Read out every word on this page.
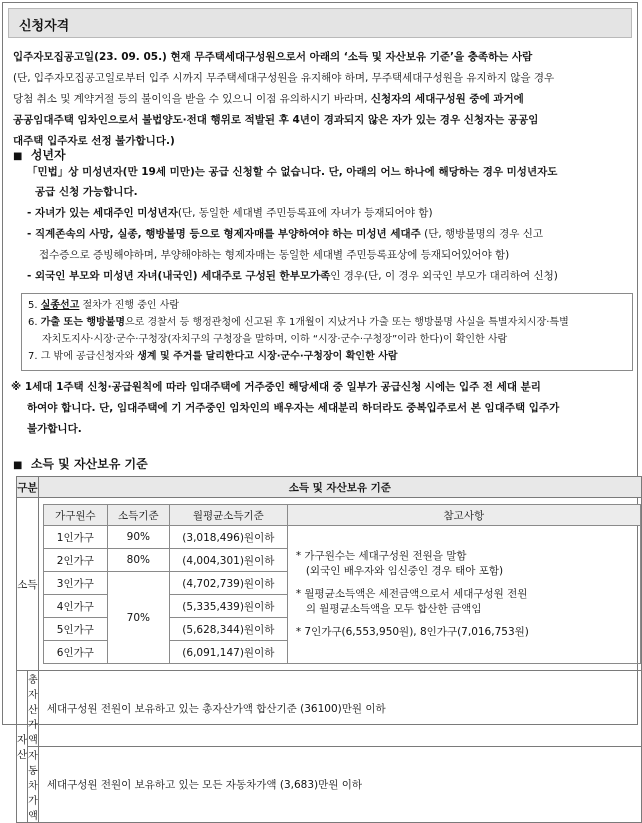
신청자격
입주자모집공고일(23. 09. 05.) 현재 무주택세대구성원으로서 아래의 ‘소득 및 자산보유 기준’을 충족하는 사람
(단, 입주자모집공고일로부터 입주 시까지 무주택세대구성원을 유지해야 하며, 무주택세대구성원을 유지하지 않을 경우
당첨 취소 및 계약거절 등의 불이익을 받을 수 있으니 이점 유의하시기 바라며, 신청자의 세대구성원 중에 과거에
공공임대주택 임차인으로서 불법양도·전대 행위로 적발된 후 4년이 경과되지 않은 자가 있는 경우 신청자는 공공임
대주택 입주자로 선정 불가합니다.)
■ 성년자
「민법」상 미성년자(만 19세 미만)는 공급 신청할 수 없습니다. 단, 아래의 어느 하나에 해당하는 경우 미성년자도
공급 신청 가능합니다.
- 자녀가 있는 세대주인 미성년자(단, 동일한 세대별 주민등록표에 자녀가 등재되어야 함)
- 직계존속의 사망, 실종, 행방불명 등으로 형제자매를 부양하여야 하는 미성년 세대주 (단, 행방불명의 경우 신고
접수증으로 증빙해야하며, 부양해야하는 형제자매는 동일한 세대별 주민등록표상에 등재되어있어야 함)
- 외국인 부모와 미성년 자녀(내국인) 세대주로 구성된 한부모가족인 경우(단, 이 경우 외국인 부모가 대리하여 신청)
5. 실종선고 절차가 진행 중인 사람
6. 가출 또는 행방불명으로 경찰서 등 행정관청에 신고된 후 1개월이 지났거나 가출 또는 행방불명 사실을 특별자치시장·특별
자치도지사·시장·군수·구청장(자치구의 구청장을 말하며, 이하 “시장·군수·구청장”이라 한다)이 확인한 사람
7. 그 밖에 공급신청자와 생계 및 주거를 달리한다고 시장·군수·구청장이 확인한 사람
※ 1세대 1주택 신청·공급원칙에 따라 임대주택에 거주중인 해당세대 중 일부가 공급신청 시에는 입주 전 세대 분리
하여야 합니다. 단, 임대주택에 기 거주중인 임차인의 배우자는 세대분리 하더라도 중복입주로서 본 임대주택 입주가
불가합니다.
■ 소득 및 자산보유 기준
구분	소득 및 자산보유 기준
소득	
가구원수	소득기준	월평균소득기준	참고사항
1인가구	90%	(3,018,496)원이하	
* 가구원수는 세대구성원 전원을 말함
(외국인 배우자와 임신중인 경우 태아 포함)
* 월평균소득액은 세전금액으로서 세대구성원 전원
의 월평균소득액을 모두 합산한 금액임
* 7인가구(6,553,950원), 8인가구(7,016,753원)

2인가구	80%	(4,004,301)원이하
3인가구	70%	(4,702,739)원이하
4인가구	(5,335,439)원이하
5인가구	(5,628,344)원이하
6인가구	(6,091,147)원이하

자산	총자산가액	세대구성원 전원이 보유하고 있는 총자산가액 합산기준 (36100)만원 이하
자동차가액	세대구성원 전원이 보유하고 있는 모든 자동차가액 (3,683)만원 이하
